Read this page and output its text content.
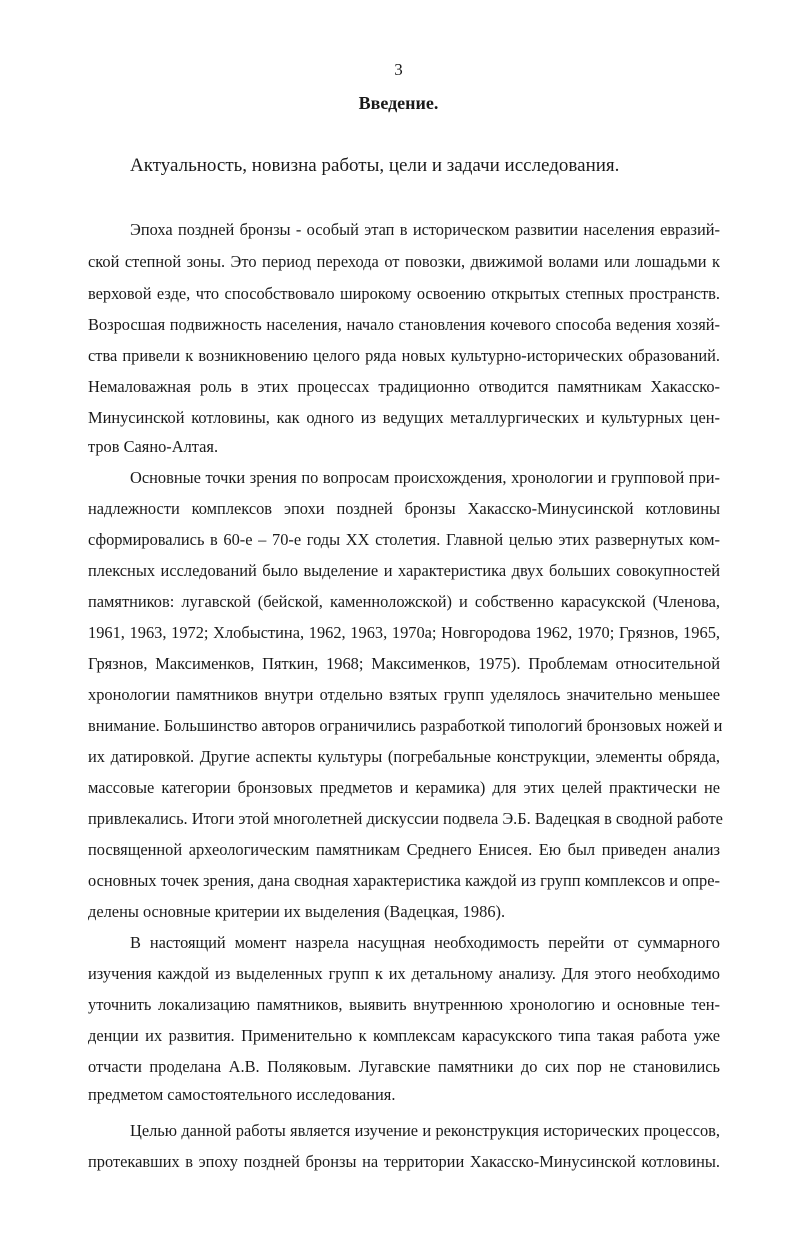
3
Введение.
Актуальность, новизна работы, цели и задачи исследования.
Эпоха поздней бронзы - особый этап в историческом развитии населения евразий-
ской степной зоны. Это период перехода от повозки, движимой волами или лошадьми к
верховой езде, что способствовало широкому освоению открытых степных пространств.
Возросшая подвижность населения, начало становления кочевого способа ведения хозяй-
ства привели к возникновению целого ряда новых культурно-исторических образований.
Немаловажная роль в этих процессах традиционно отводится памятникам Хакасско-
Минусинской котловины, как одного из ведущих металлургических и культурных цен-
тров Саяно-Алтая.
Основные точки зрения по вопросам происхождения, хронологии и групповой при-
надлежности комплексов эпохи поздней бронзы Хакасско-Минусинской котловины
сформировались в 60-е – 70-е годы ХХ столетия. Главной целью этих развернутых ком-
плексных исследований было выделение и характеристика двух больших совокупностей
памятников: лугавской (бейской, каменноложской) и собственно карасукской (Членова,
1961, 1963, 1972; Хлобыстина, 1962, 1963, 1970а; Новгородова 1962, 1970; Грязнов, 1965,
Грязнов, Максименков, Пяткин, 1968; Максименков, 1975). Проблемам относительной
хронологии памятников внутри отдельно взятых групп уделялось значительно меньшее
внимание. Большинство авторов ограничились разработкой типологий бронзовых ножей и
их датировкой. Другие аспекты культуры (погребальные конструкции, элементы обряда,
массовые категории бронзовых предметов и керамика) для этих целей практически не
привлекались. Итоги этой многолетней дискуссии подвела Э.Б. Вадецкая в сводной работе
посвященной археологическим памятникам Среднего Енисея. Ею был приведен анализ
основных точек зрения, дана сводная характеристика каждой из групп комплексов и опре-
делены основные критерии их выделения (Вадецкая, 1986).
В настоящий момент назрела насущная необходимость перейти от суммарного
изучения каждой из выделенных групп к их детальному анализу. Для этого необходимо
уточнить локализацию памятников, выявить внутреннюю хронологию и основные тен-
денции их развития. Применительно к комплексам карасукского типа такая работа уже
отчасти проделана А.В. Поляковым. Лугавские памятники до сих пор не становились
предметом самостоятельного исследования.
Целью данной работы является изучение и реконструкция исторических процессов,
протекавших в эпоху поздней бронзы на территории Хакасско-Минусинской котловины.
